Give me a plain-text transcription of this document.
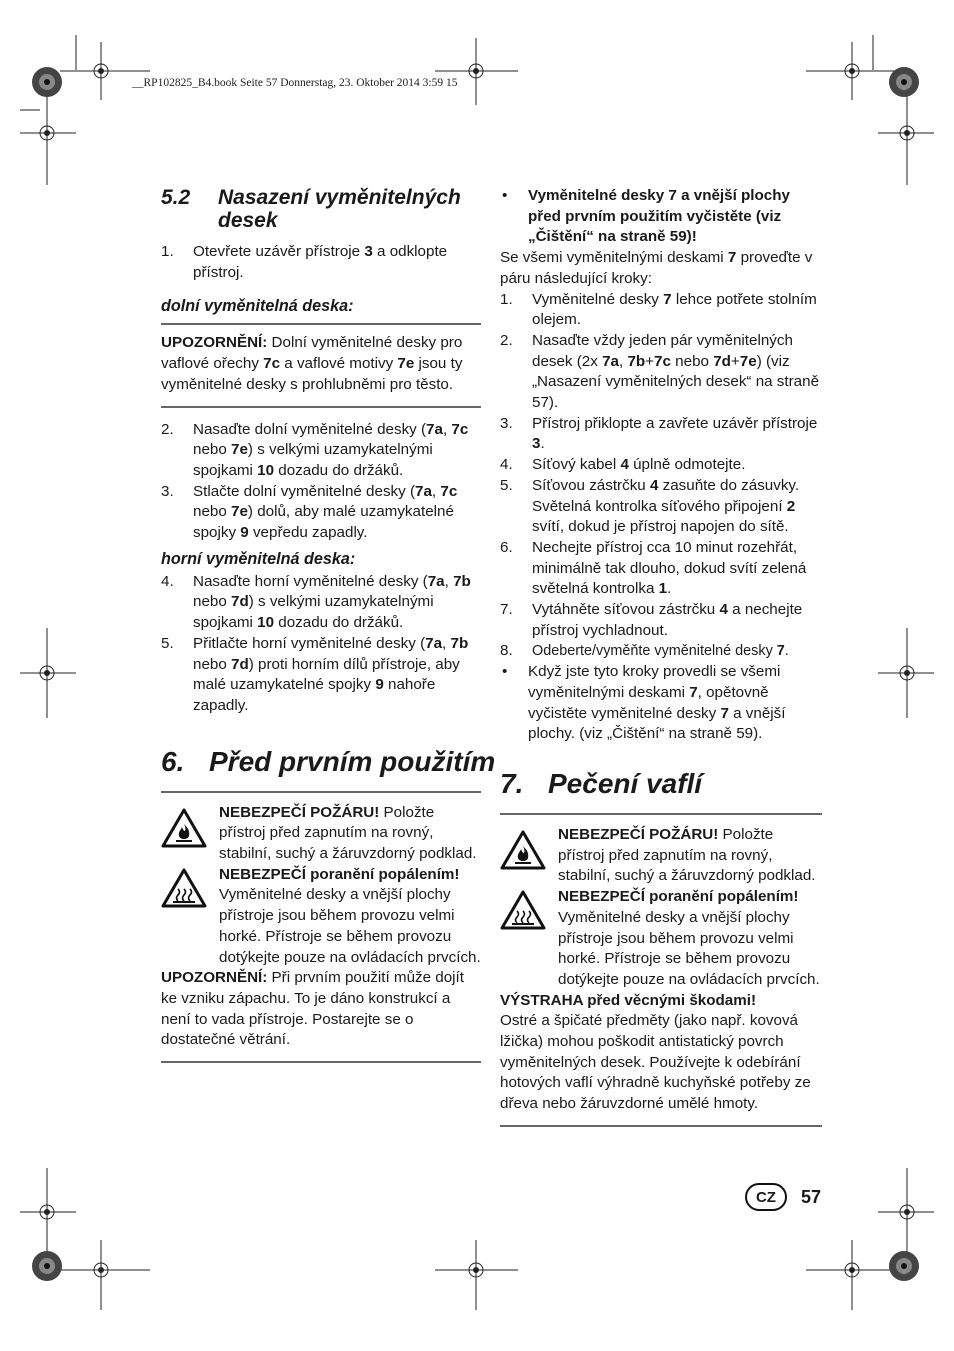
__RP102825_B4.book Seite 57 Donnerstag, 23. Oktober 2014 3:59 15
5.2	Nasazení vyměnitelných desek
1.	Otevřete uzávěr přístroje 3 a odklopte přístroj.
dolní vyměnitelná deska:

UPOZORNĚNÍ: Dolní vyměnitelné desky pro vaflové ořechy 7c a vaflové motivy 7e jsou ty vyměnitelné desky s prohlubněmi pro těsto.

2.	Nasaďte dolní vyměnitelné desky (7a, 7c nebo 7e) s velkými uzamykatelnými spojkami 10 dozadu do držáků.
3.	Stlačte dolní vyměnitelné desky (7a, 7c nebo 7e) dolů, aby malé uzamykatelné spojky 9 vepředu zapadly.
horní vyměnitelná deska:
4.	Nasaďte horní vyměnitelné desky (7a, 7b nebo 7d) s velkými uzamykatelnými spojkami 10 dozadu do držáků.
5.	Přitlačte horní vyměnitelné desky (7a, 7b nebo 7d) proti horním dílů přístroje, aby malé uzamykatelné spojky 9 nahoře zapadly.
6. Před prvním použitím

NEBEZPEČÍ POŽÁRU! Položte přístroj před zapnutím na rovný, stabilní, suchý a žáruvzdorný podklad.

NEBEZPEČÍ poranění popálením! Vyměnitelné desky a vnější plochy přístroje jsou během provozu velmi horké. Přístroje se během provozu dotýkejte pouze na ovládacích prvcích.

UPOZORNĚNÍ: Při prvním použití může dojít ke vzniku zápachu. To je dáno konstrukcí a není to vada přístroje. Postarejte se o dostatečné větrání.

•	Vyměnitelné desky 7 a vnější plochy před prvním použitím vyčistěte (viz „Čištění“ na straně 59)!

Se všemi vyměnitelnými deskami 7 proveďte v páru následující kroky:

1.	Vyměnitelné desky 7 lehce potřete stolním olejem.
2.	Nasaďte vždy jeden pár vyměnitelných desek (2x 7a, 7b+7c nebo 7d+7e) (viz „Nasazení vyměnitelných desek“ na straně 57).
3.	Přístroj přiklopte a zavřete uzávěr přístroje 3.
4.	Síťový kabel 4 úplně odmotejte.
5.	Síťovou zástrčku 4 zasuňte do zásuvky. Světelná kontrolka síťového připojení 2 svítí, dokud je přístroj napojen do sítě.
6.	Nechejte přístroj cca 10 minut rozehřát, minimálně tak dlouho, dokud svítí zelená světelná kontrolka 1.
7.	Vytáhněte síťovou zástrčku 4 a nechejte přístroj vychladnout.
8.	Odeberte/vyměňte vyměnitelné desky 7.
•	Když jste tyto kroky provedli se všemi vyměnitelnými deskami 7, opětovně vyčistěte vyměnitelné desky 7 a vnější plochy. (viz „Čištění“ na straně 59).
7. Pečení vaflí

NEBEZPEČÍ POŽÁRU! Položte přístroj před zapnutím na rovný, stabilní, suchý a žáruvzdorný podklad.

NEBEZPEČÍ poranění popálením! Vyměnitelné desky a vnější plochy přístroje jsou během provozu velmi horké. Přístroje se během provozu dotýkejte pouze na ovládacích prvcích.

VÝSTRAHA před věcnými škodami!

Ostré a špičaté předměty (jako např. kovová lžička) mohou poškodit antistatický povrch vyměnitelných desek. Používejte k odebírání hotových vaflí výhradně kuchyňské potřeby ze dřeva nebo žáruvzdorné umělé hmoty.

CZ	57
